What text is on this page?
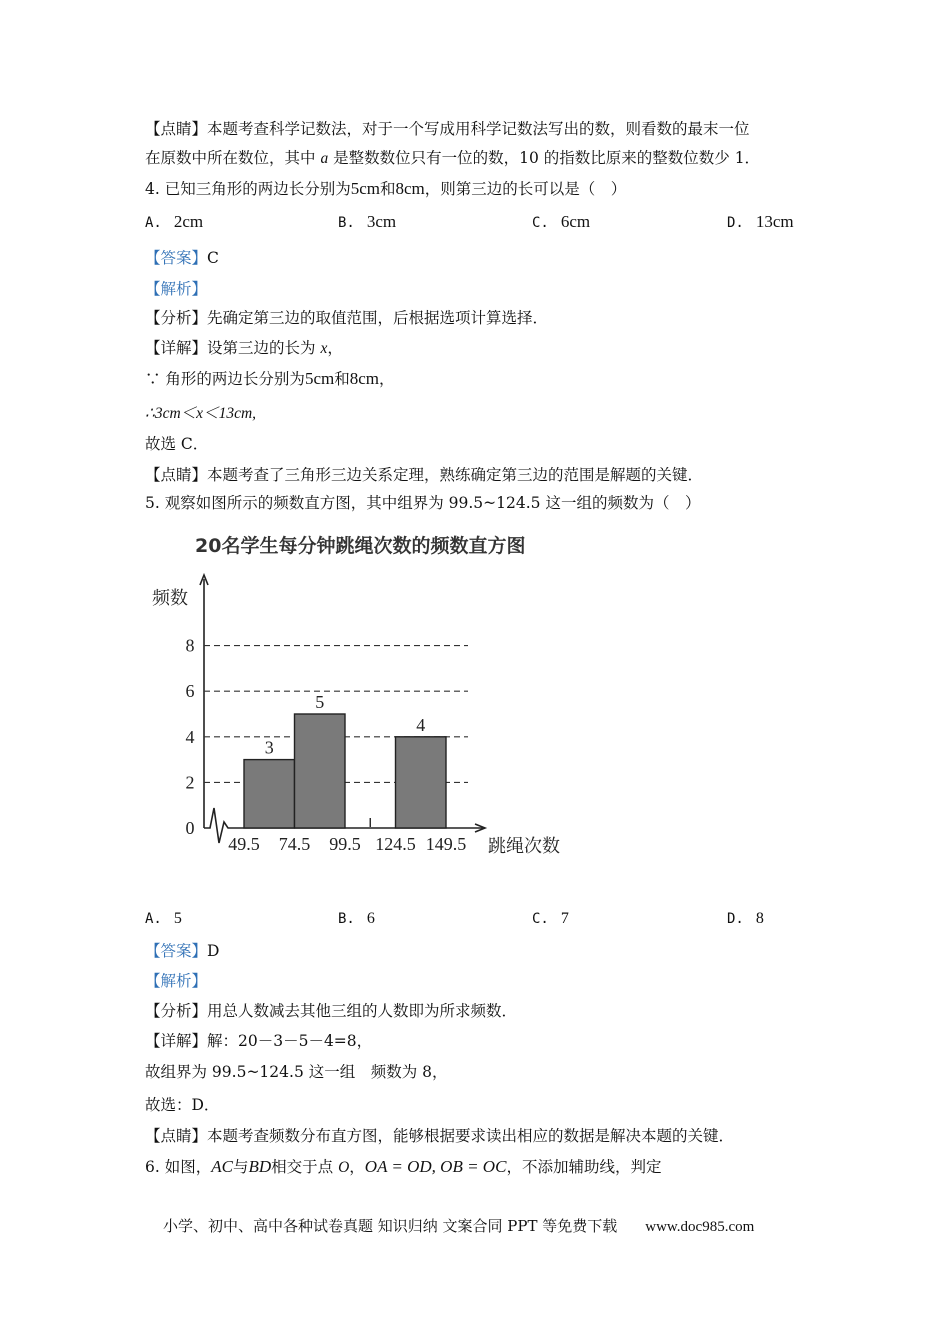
【点睛】本题考查科学记数法，对于一个写成用科学记数法写出的数，则看数的最末一位
在原数中所在数位，其中 a 是整数数位只有一位的数，10 的指数比原来的整数位数少 1．
4. 已知三角形的两边长分别为5cm和8cm，则第三边的长可以是（　）
A. 2cm	B. 3cm	C. 6cm	D. 13cm
【答案】C
【解析】
【分析】先确定第三边的取值范围，后根据选项计算选择．
【详解】设第三边的长为 x，
∵ 角形的两边长分别为5cm和8cm，
∴3cm＜x＜13cm,
故选 C．
【点睛】本题考查了三角形三边关系定理，熟练确定第三边的范围是解题的关键．
5. 观察如图所示的频数直方图，其中组界为 99.5~124.5 这一组的频数为（　）
20名学生每分钟跳绳次数的频数直方图
0
2
4
6
8
3
5
4
49.5 74.5 99.5 124.5 149.5
频数
跳绳次数
A. 5	B. 6	C. 7	D. 8
【答案】D
【解析】
【分析】用总人数减去其他三组的人数即为所求频数．
【详解】解：20－3－5－4=8，
故组界为 99.5~124.5 这一组　频数为 8，
故选：D．
【点睛】本题考查频数分布直方图，能够根据要求读出相应的数据是解决本题的关键．
6. 如图，AC与BD相交于点 O，OA = OD, OB = OC，不添加辅助线，判定
小学、初中、高中各种试卷真题 知识归纳 文案合同 PPT 等免费下载 www.doc985.com
